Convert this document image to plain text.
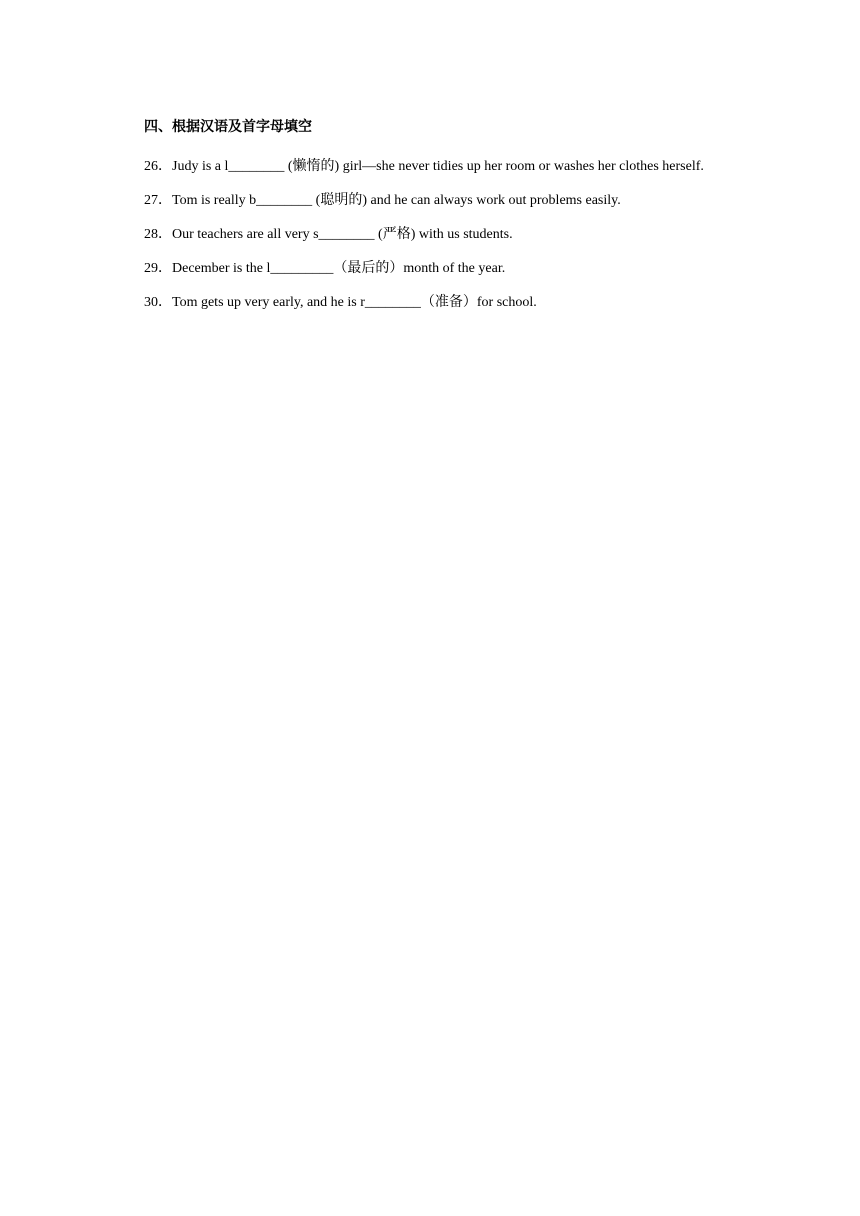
四、根据汉语及首字母填空
26．Judy is a l________ (懒惰的) girl—she never tidies up her room or washes her clothes herself.
27．Tom is really b________ (聪明的) and he can always work out problems easily.
28．Our teachers are all very s________ (严格) with us students.
29．December is the l_________（最后的）month of the year.
30．Tom gets up very early, and he is r________（准备）for school.
